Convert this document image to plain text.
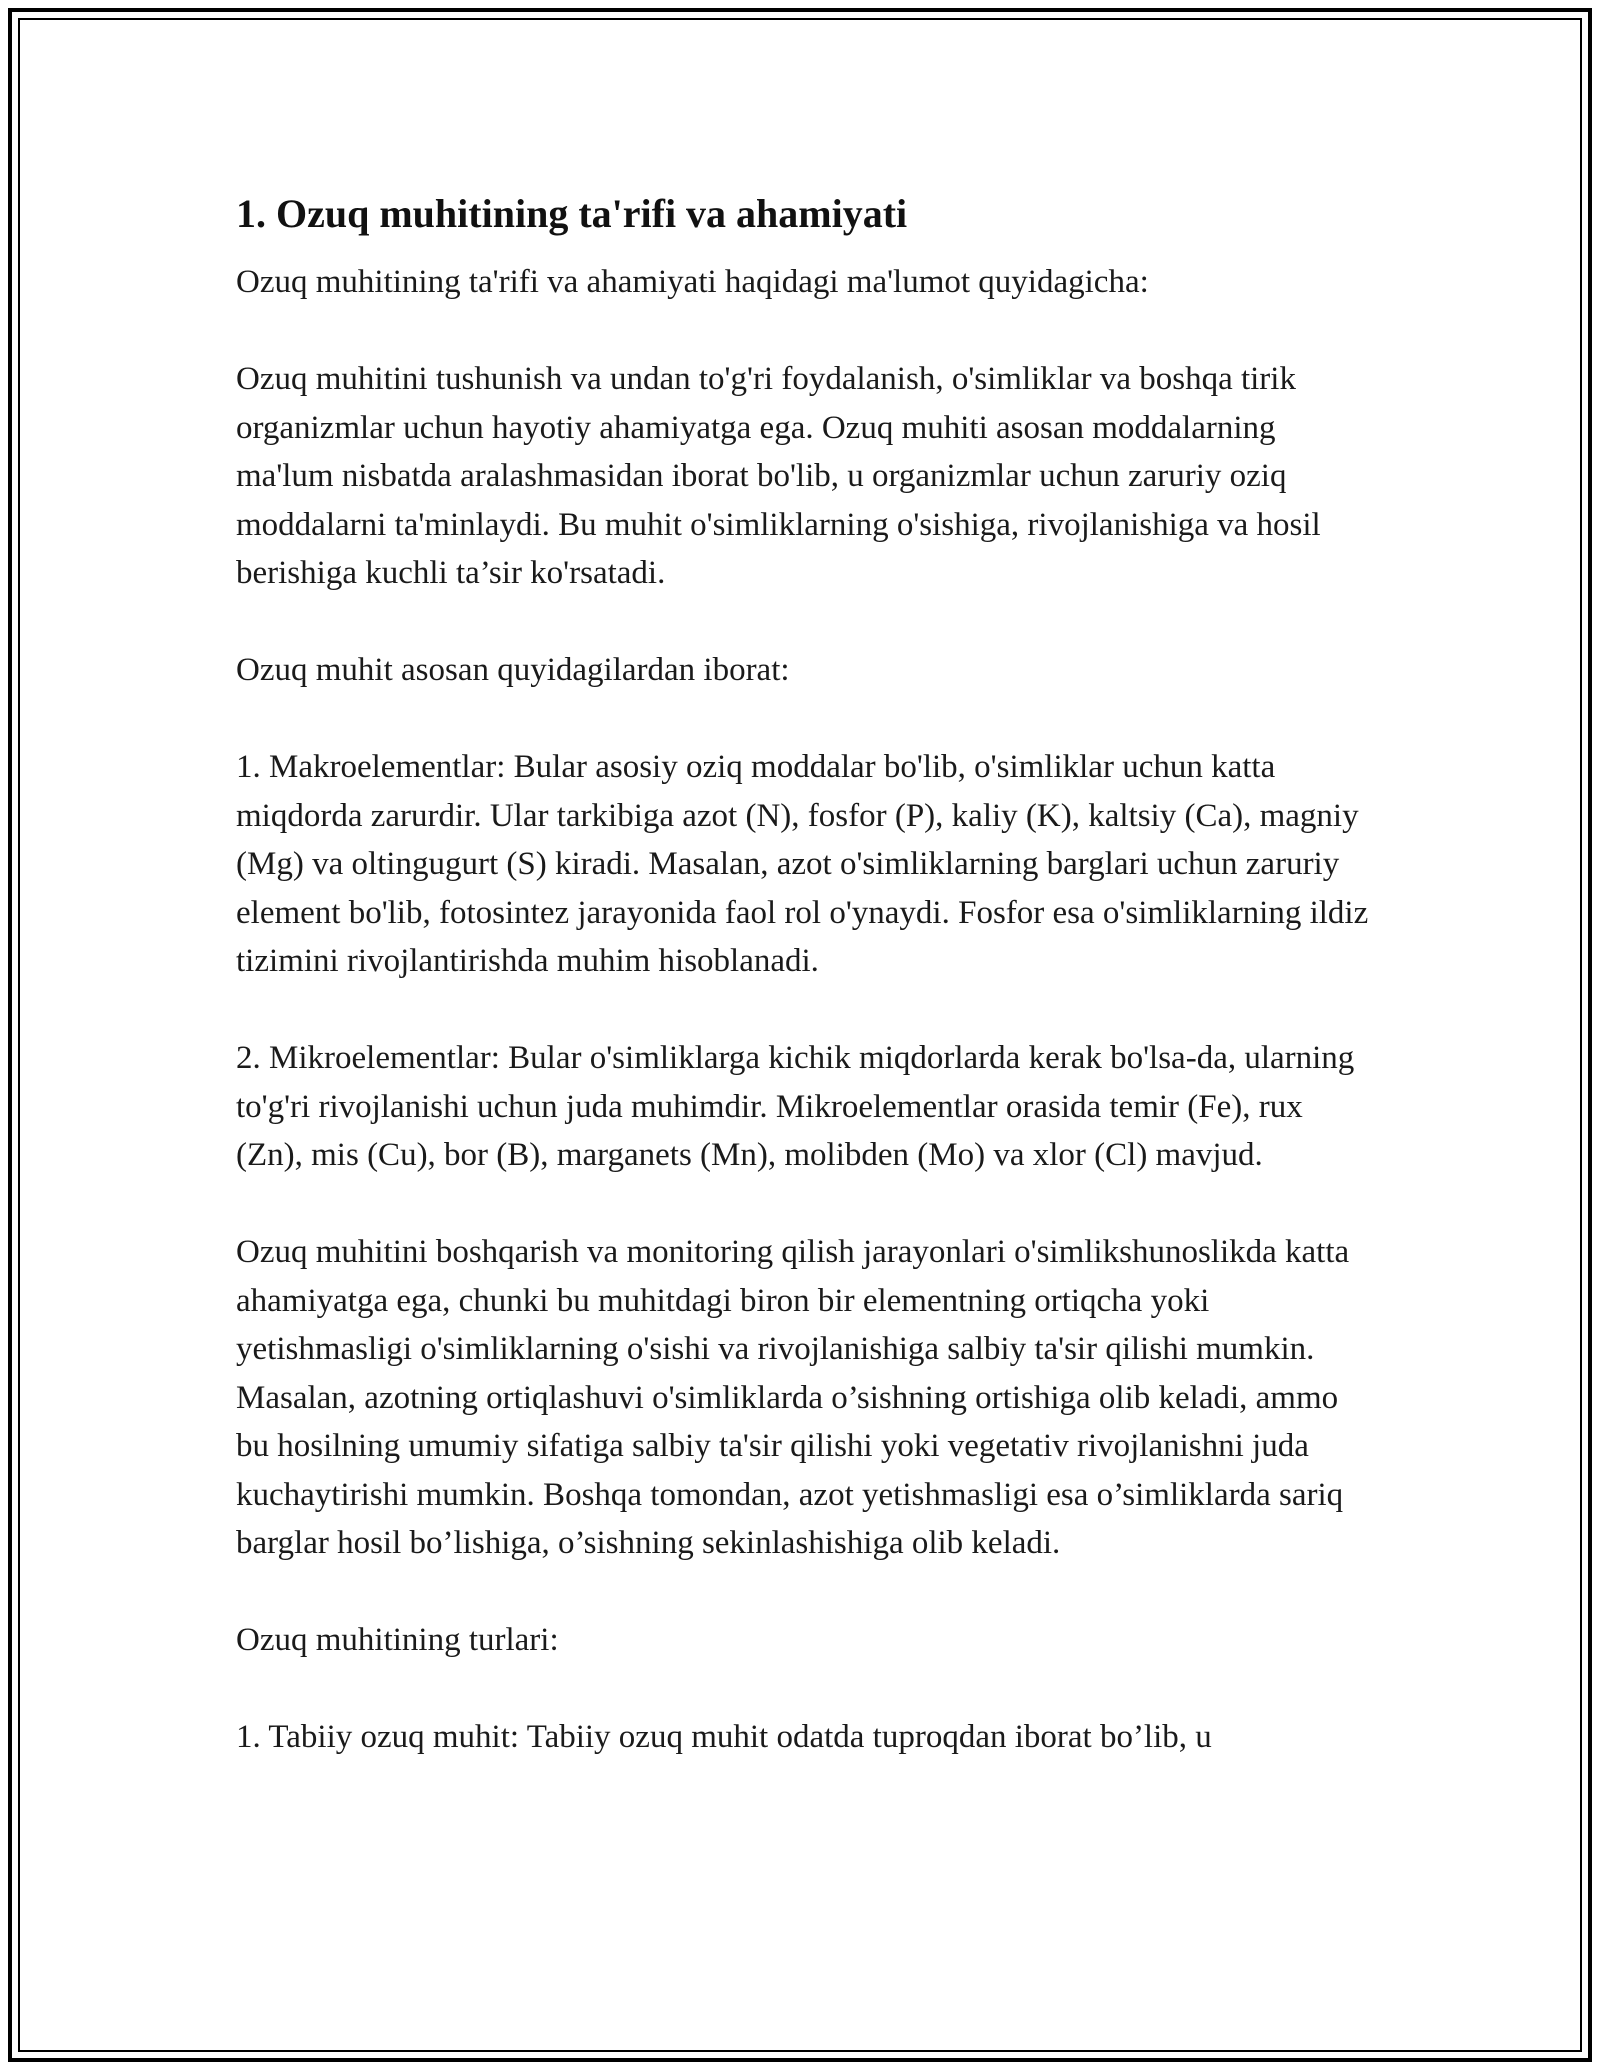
1. Ozuq muhitining ta'rifi va ahamiyati

Ozuq muhitining ta'rifi va ahamiyati haqidagi ma'lumot quyidagicha:

Ozuq muhitini tushunish va undan to'g'ri foydalanish, o'simliklar va boshqa tirik organizmlar uchun hayotiy ahamiyatga ega. Ozuq muhiti asosan moddalarning ma'lum nisbatda aralashmasidan iborat bo'lib, u organizmlar uchun zaruriy oziq moddalarni ta'minlaydi. Bu muhit o'simliklarning o'sishiga, rivojlanishiga va hosil berishiga kuchli ta’sir ko'rsatadi.

Ozuq muhit asosan quyidagilardan iborat:

1. Makroelementlar: Bular asosiy oziq moddalar bo'lib, o'simliklar uchun katta miqdorda zarurdir. Ular tarkibiga azot (N), fosfor (P), kaliy (K), kaltsiy (Ca), magniy (Mg) va oltingugurt (S) kiradi. Masalan, azot o'simliklarning barglari uchun zaruriy element bo'lib, fotosintez jarayonida faol rol o'ynaydi. Fosfor esa o'simliklarning ildiz tizimini rivojlantirishda muhim hisoblanadi.

2. Mikroelementlar: Bular o'simliklarga kichik miqdorlarda kerak bo'lsa-da, ularning to'g'ri rivojlanishi uchun juda muhimdir. Mikroelementlar orasida temir (Fe), rux (Zn), mis (Cu), bor (B), marganets (Mn), molibden (Mo) va xlor (Cl) mavjud.

Ozuq muhitini boshqarish va monitoring qilish jarayonlari o'simlikshunoslikda katta ahamiyatga ega, chunki bu muhitdagi biron bir elementning ortiqcha yoki yetishmasligi o'simliklarning o'sishi va rivojlanishiga salbiy ta'sir qilishi mumkin. Masalan, azotning ortiqlashuvi o'simliklarda o’sishning ortishiga olib keladi, ammo bu hosilning umumiy sifatiga salbiy ta'sir qilishi yoki vegetativ rivojlanishni juda kuchaytirishi mumkin. Boshqa tomondan, azot yetishmasligi esa o’simliklarda sariq barglar hosil bo’lishiga, o’sishning sekinlashishiga olib keladi.

Ozuq muhitining turlari:

1. Tabiiy ozuq muhit: Tabiiy ozuq muhit odatda tuproqdan iborat bo’lib, u
